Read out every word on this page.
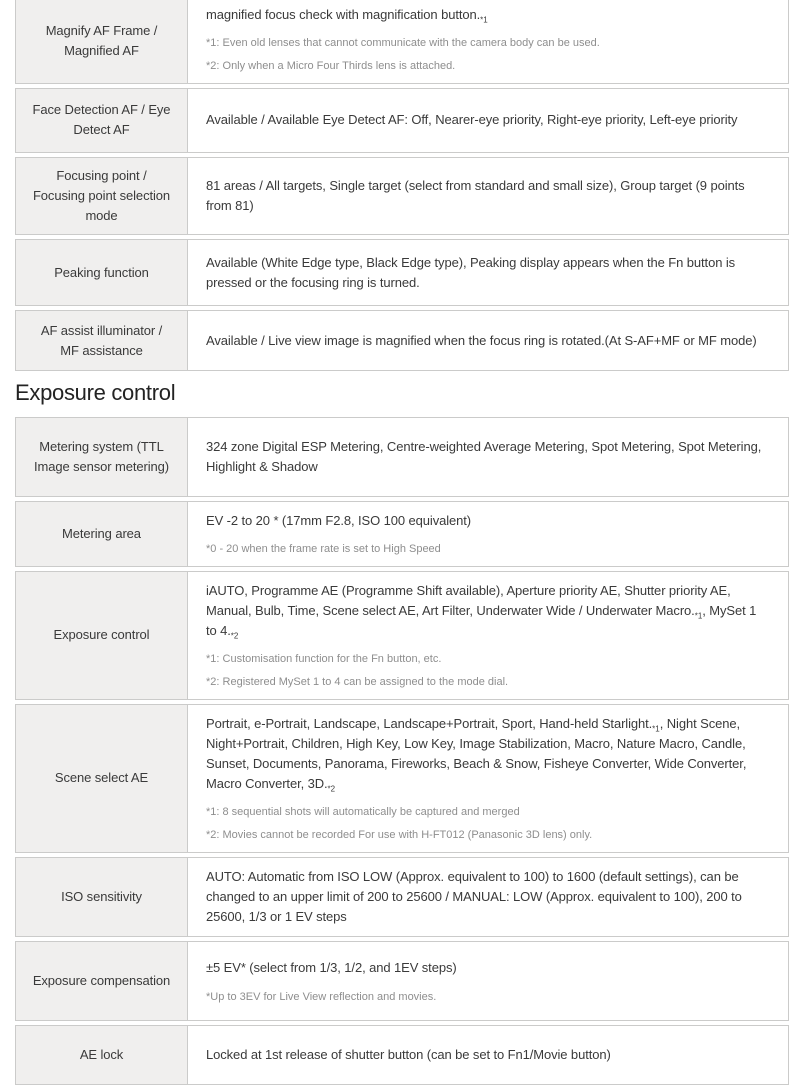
Magnify AF Frame / Magnified AF
magnified focus check with magnification $button._{*1}$
*1: Even old lenses that cannot communicate with the camera body can be used.
*2: Only when a Micro Four Thirds lens is attached.
Face Detection AF / Eye Detect AF
Available / Available Eye Detect AF: Off, Nearer-eye priority, Right-eye priority, Left-eye priority
Focusing point / Focusing point selection mode
81 areas / All targets, Single target (select from standard and small size), Group target (9 points from 81)
Peaking function
Available (White Edge type, Black Edge type), Peaking display appears when the Fn button is pressed or the focusing ring is turned.
AF assist illuminator / MF assistance
Available / Live view image is magnified when the focus ring is rotated.(At S-AF+MF or MF mode)
Exposure control
Metering system (TTL Image sensor metering)
324 zone Digital ESP Metering, Centre-weighted Average Metering, Spot Metering, Spot Metering, Highlight & Shadow
Metering area
EV -2 to 20 * (17mm F2.8, ISO 100 equivalent)
*0 - 20 when the frame rate is set to High Speed
Exposure control
iAUTO, Programme AE (Programme Shift available), Aperture priority AE, Shutter priority AE, Manual, Bulb, Time, Scene select AE, Art Filter, Underwater Wide / Underwater $Macro._{*1}$, MySet 1 to $4._{*2}$
*1: Customisation function for the Fn button, etc.
*2: Registered MySet 1 to 4 can be assigned to the mode dial.
Scene select AE
Portrait, e-Portrait, Landscape, Landscape+Portrait, Sport, Hand-held $Starlight._{*1}$, Night Scene, Night+Portrait, Children, High Key, Low Key, Image Stabilization, Macro, Nature Macro, Candle, Sunset, Documents, Panorama, Fireworks, Beach & Snow, Fisheye Converter, Wide Converter, Macro Converter, $3D._{*2}$
*1: 8 sequential shots will automatically be captured and merged
*2: Movies cannot be recorded For use with H-FT012 (Panasonic 3D lens) only.
ISO sensitivity
AUTO: Automatic from ISO LOW (Approx. equivalent to 100) to 1600 (default settings), can be changed to an upper limit of 200 to 25600 / MANUAL: LOW (Approx. equivalent to 100), 200 to 25600, 1/3 or 1 EV steps
Exposure compensation
±5 EV* (select from 1/3, 1/2, and 1EV steps)
*Up to 3EV for Live View reflection and movies.
AE lock	Locked at 1st release of shutter button (can be set to Fn1/Movie button)
